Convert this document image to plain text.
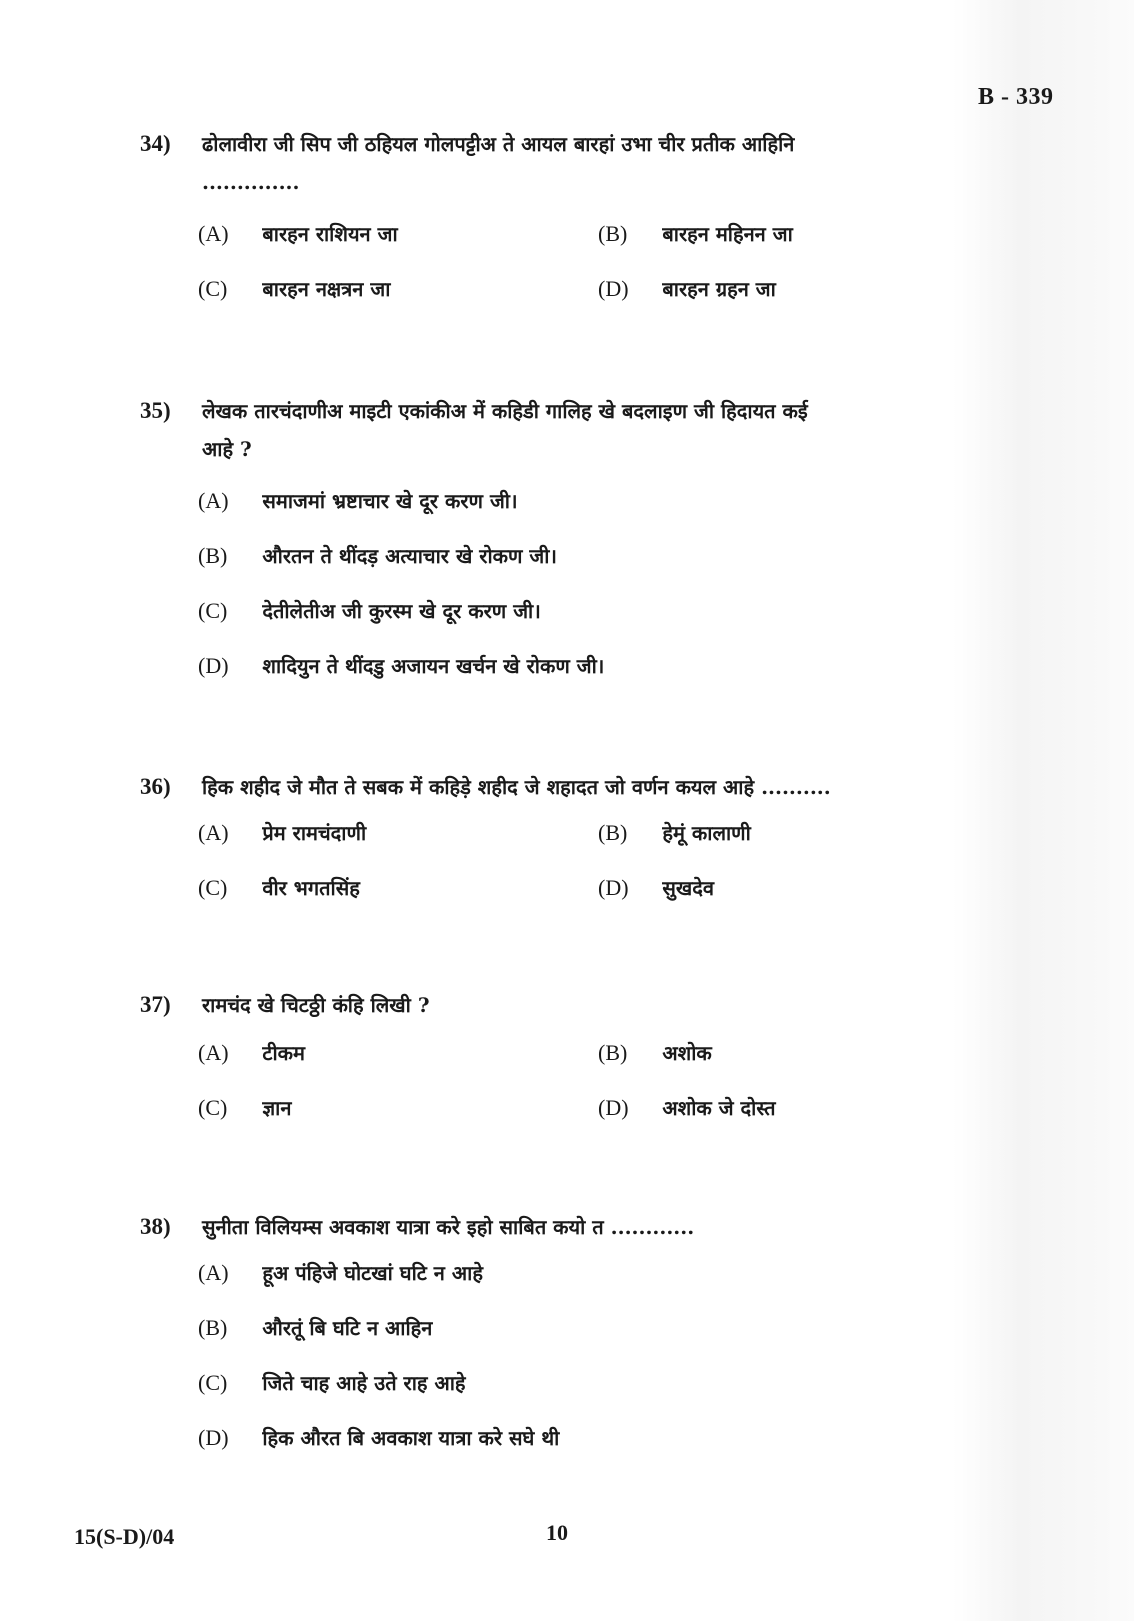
B - 339
34) ढोलावीरा जी सिप जी ठहियल गोलपट्टीअ ते आयल बारहां उभा चीर प्रतीक आहिनि
..............
(A) बारहन राशियन जा	(B) बारहन महिनन जा
(C) बारहन नक्षत्रन जा	(D) बारहन ग्रहन जा
35) लेखक तारचंदाणीअ माइटी एकांकीअ में कहिडी गालिह खे बदलाइण जी हिदायत कई
आहे ?
(A) समाजमां भ्रष्टाचार खे दूर करण जी।
(B) औरतन ते थींदड़ अत्याचार खे रोकण जी।
(C) देतीलेतीअ जी कुरस्म खे दूर करण जी।
(D) शादियुन ते थींदडु अजायन खर्चन खे रोकण जी।
36) हिक शहीद जे मौत ते सबक में कहिड़े शहीद जे शहादत जो वर्णन कयल आहे ..........
(A) प्रेम रामचंदाणी	(B) हेमूं कालाणी
(C) वीर भगतसिंह	(D) सुखदेव
37) रामचंद खे चिटठ्ठी कंहि लिखी ?
(A) टीकम	(B) अशोक
(C) ज्ञान	(D) अशोक जे दोस्त
38) सुनीता विलियम्स अवकाश यात्रा करे इहो साबित कयो त ............
(A) हूअ पंहिजे घोटखां घटि न आहे
(B) औरतूं बि घटि न आहिन
(C) जिते चाह आहे उते राह आहे
(D) हिक औरत बि अवकाश यात्रा करे सघे थी
15(S-D)/04	10
